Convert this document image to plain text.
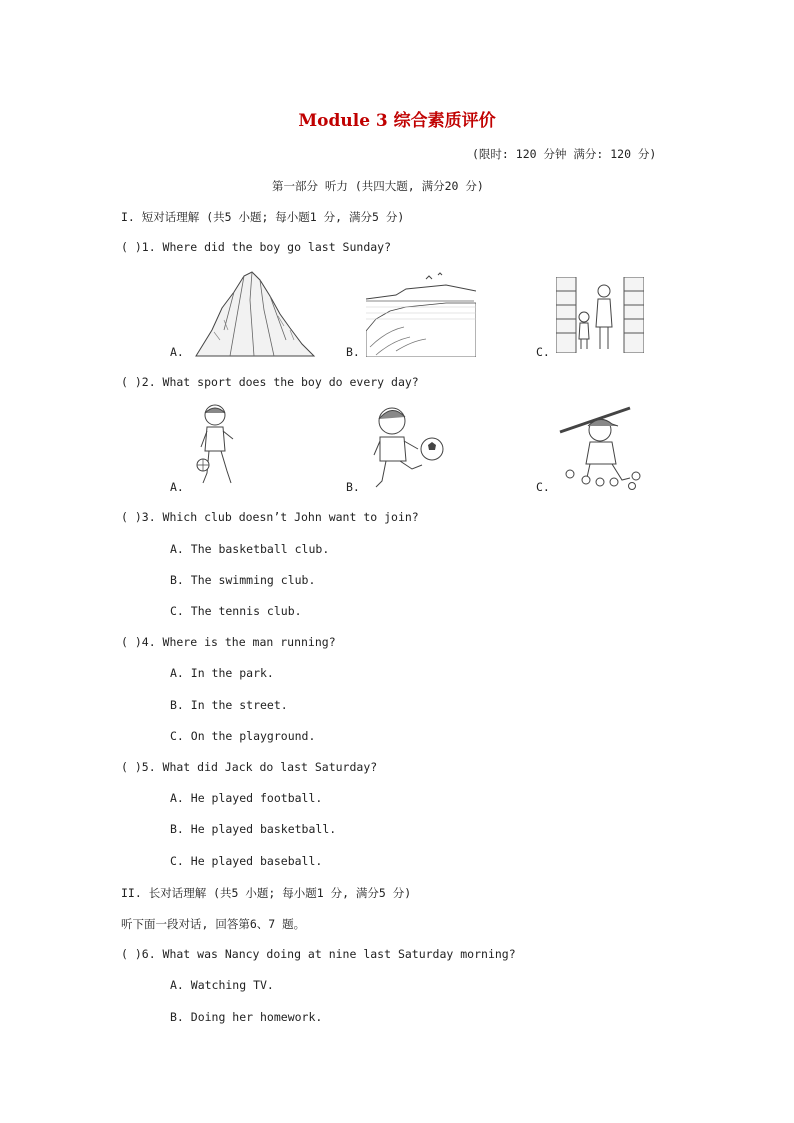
Module 3 综合素质评价
(限时: 120 分钟 满分: 120 分)
第一部分 听力 (共四大题, 满分20 分)
I. 短对话理解 (共5 小题; 每小题1 分, 满分5 分)
( )1. Where did the boy go last Sunday?
A.	B.	C.
( )2. What sport does the boy do every day?
A.	B.	C.
( )3. Which club doesn’t John want to join?
A. The basketball club.
B. The swimming club.
C. The tennis club.
( )4. Where is the man running?
A. In the park.
B. In the street.
C. On the playground.
( )5. What did Jack do last Saturday?
A. He played football.
B. He played basketball.
C. He played baseball.
II. 长对话理解 (共5 小题; 每小题1 分, 满分5 分)
听下面一段对话, 回答第6、7 题。
( )6. What was Nancy doing at nine last Saturday morning?
A. Watching TV.
B. Doing her homework.
